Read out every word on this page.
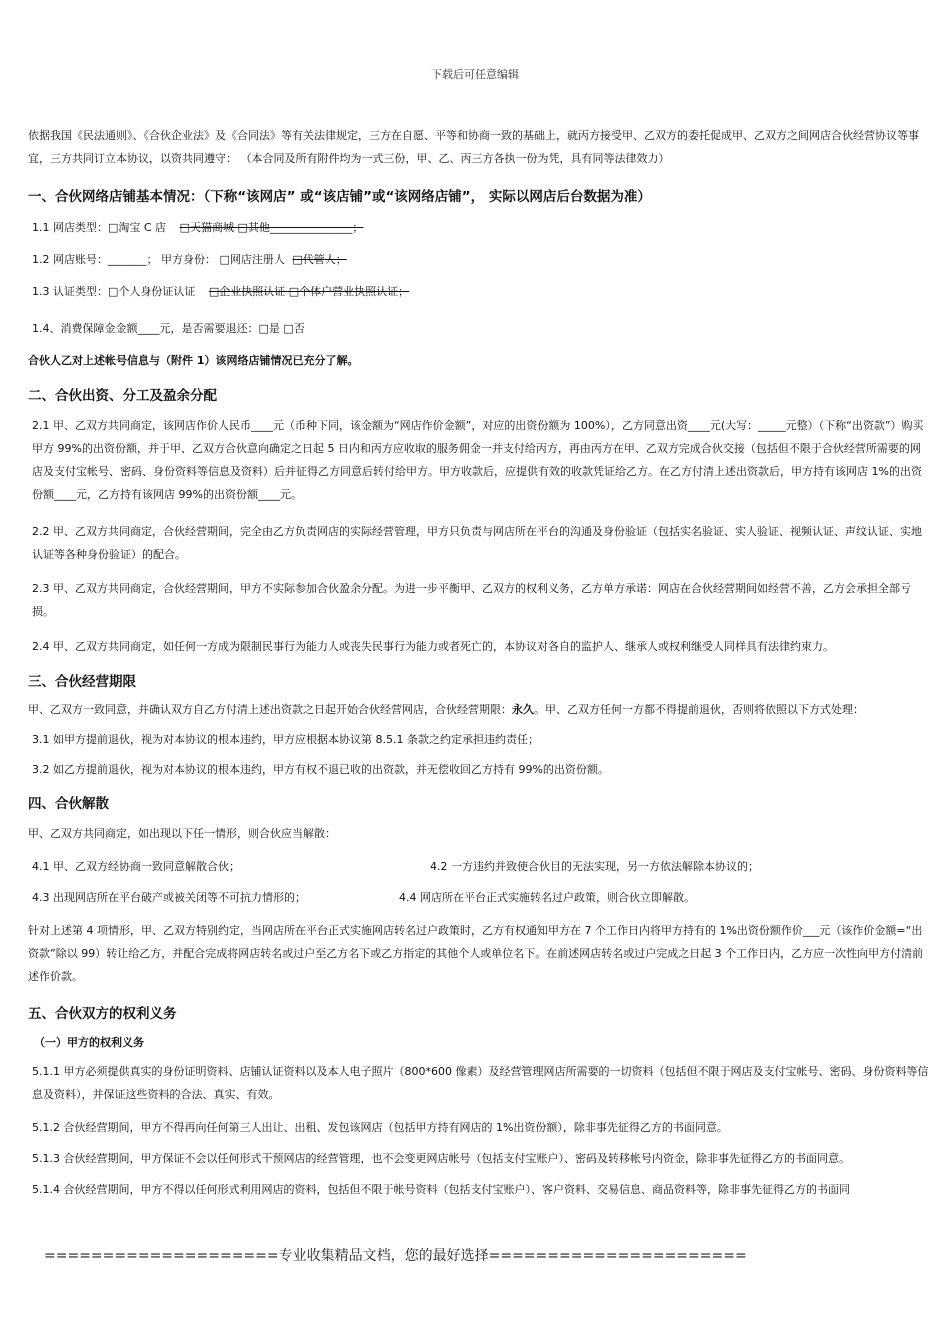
下载后可任意编辑
依据我国《民法通则》、《合伙企业法》及《合同法》等有关法律规定，三方在自愿、平等和协商一致的基础上，就丙方接受甲、乙双方的委托促成甲、乙双方之间网店合伙经营协议等事宜，三方共同订立本协议，以资共同遵守： （本合同及所有附件均为一式三份，甲、乙、丙三方各执一份为凭，具有同等法律效力）
一、合伙网络店铺基本情况：（下称“该网店” 或“该店铺”或“该网络店铺”， 实际以网店后台数据为准）
1.1 网店类型：□淘宝 C 店 □天猫商城 □其他_______________；
1.2 网店账号：_______； 甲方身份： □网店注册人 □代管人；
1.3 认证类型：□个人身份证认证 □企业执照认证 □个体户营业执照认证；
1.4、消费保障金金额____元，是否需要退还：□是 □否
合伙人乙对上述帐号信息与（附件 1）该网络店铺情况已充分了解。
二、合伙出资、分工及盈余分配
2.1 甲、乙双方共同商定，该网店作价人民币____元（币种下同，该金额为“网店作价金额”，对应的出资份额为 100%），乙方同意出资____元(大写：_____元整）（下称“出资款”）购买甲方 99%的出资份额，并于甲、乙双方合伙意向确定之日起 5 日内和丙方应收取的服务佣金一并支付给丙方，再由丙方在甲、乙双方完成合伙交接（包括但不限于合伙经营所需要的网店及支付宝帐号、密码、身份资料等信息及资料）后并征得乙方同意后转付给甲方。甲方收款后，应提供有效的收款凭证给乙方。在乙方付清上述出资款后，甲方持有该网店 1%的出资份额____元，乙方持有该网店 99%的出资份额____元。
2.2 甲、乙双方共同商定，合伙经营期间，完全由乙方负责网店的实际经营管理，甲方只负责与网店所在平台的沟通及身份验证（包括实名验证、实人验证、视频认证、声纹认证、实地认证等各种身份验证）的配合。
2.3 甲、乙双方共同商定，合伙经营期间，甲方不实际参加合伙盈余分配。为进一步平衡甲、乙双方的权利义务，乙方单方承诺：网店在合伙经营期间如经营不善，乙方会承担全部亏损。
2.4 甲、乙双方共同商定，如任何一方成为限制民事行为能力人或丧失民事行为能力或者死亡的，本协议对各自的监护人、继承人或权利继受人同样具有法律约束力。
三、合伙经营期限
甲、乙双方一致同意，并确认双方自乙方付清上述出资款之日起开始合伙经营网店，合伙经营期限：永久。甲、乙双方任何一方都不得提前退伙，否则将依照以下方式处理：
3.1 如甲方提前退伙，视为对本协议的根本违约，甲方应根据本协议第 8.5.1 条款之约定承担违约责任；
3.2 如乙方提前退伙，视为对本协议的根本违约，甲方有权不退已收的出资款，并无偿收回乙方持有 99%的出资份额。
四、合伙解散
甲、乙双方共同商定，如出现以下任一情形，则合伙应当解散：
4.1 甲、乙双方经协商一致同意解散合伙；	4.2 一方违约并致使合伙目的无法实现，另一方依法解除本协议的；
4.3 出现网店所在平台破产或被关闭等不可抗力情形的；	4.4 网店所在平台正式实施转名过户政策，则合伙立即解散。
针对上述第 4 项情形，甲、乙双方特别约定，当网店所在平台正式实施网店转名过户政策时，乙方有权通知甲方在 7 个工作日内将甲方持有的 1%出资份额作价___元（该作价金额=“出资款”除以 99）转让给乙方，并配合完成将网店转名或过户至乙方名下或乙方指定的其他个人或单位名下。在前述网店转名或过户完成之日起 3 个工作日内，乙方应一次性向甲方付清前述作价款。
五、合伙双方的权利义务
（一）甲方的权利义务
5.1.1 甲方必须提供真实的身份证明资料、店铺认证资料以及本人电子照片（800*600 像素）及经营管理网店所需要的一切资料（包括但不限于网店及支付宝帐号、密码、身份资料等信息及资料），并保证这些资料的合法、真实、有效。
5.1.2 合伙经营期间，甲方不得再向任何第三人出让、出租、发包该网店（包括甲方持有网店的 1%出资份额），除非事先征得乙方的书面同意。
5.1.3 合伙经营期间，甲方保证不会以任何形式干预网店的经营管理，也不会变更网店帐号（包括支付宝账户）、密码及转移帐号内资金，除非事先征得乙方的书面同意。
5.1.4 合伙经营期间，甲方不得以任何形式利用网店的资料，包括但不限于帐号资料（包括支付宝账户）、客户资料、交易信息、商品资料等，除非事先征得乙方的书面同
====================专业收集精品文档，您的最好选择======================
